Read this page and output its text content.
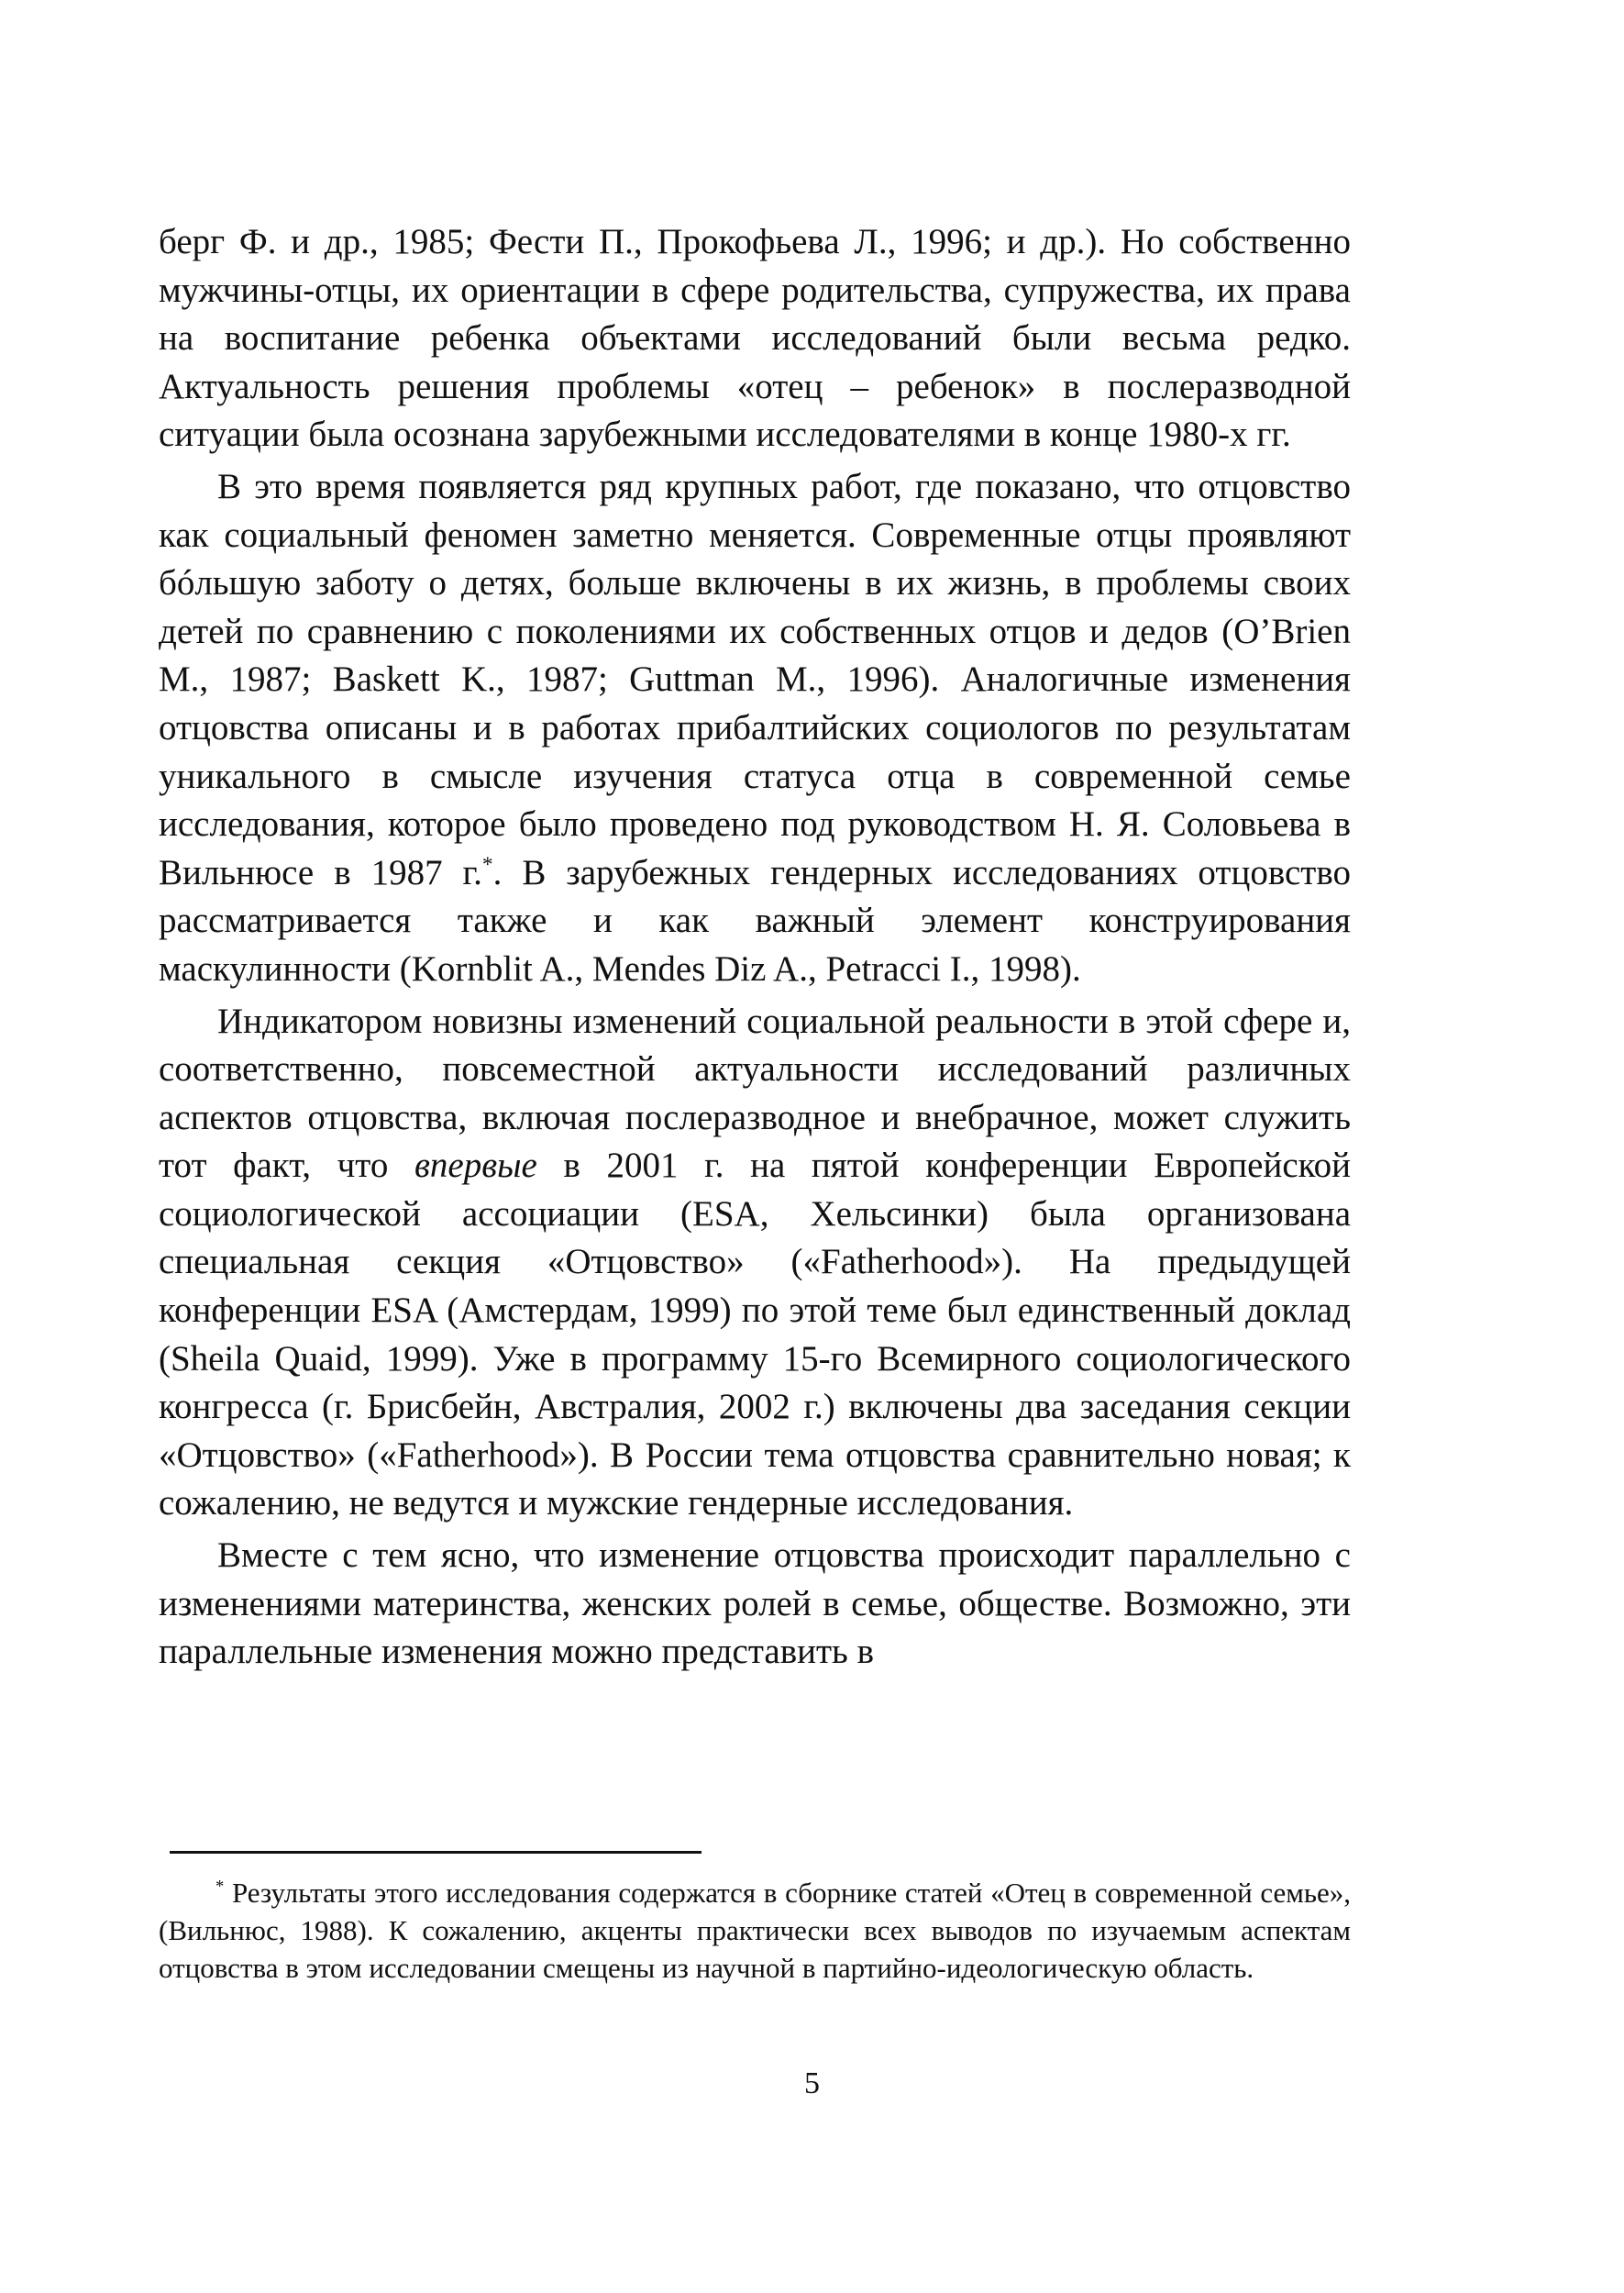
берг Ф. и др., 1985; Фести П., Прокофьева Л., 1996; и др.). Но собственно мужчины-отцы, их ориентации в сфере родительства, супружества, их права на воспитание ребенка объектами исследований были весьма редко. Актуальность решения проблемы «отец – ребенок» в послеразводной ситуации была осознана зарубежными исследователями в конце 1980-х гг.

В это время появляется ряд крупных работ, где показано, что отцовство как социальный феномен заметно меняется. Современные отцы проявляют бóльшую заботу о детях, больше включены в их жизнь, в проблемы своих детей по сравнению с поколениями их собственных отцов и дедов (O’Brien M., 1987; Baskett K., 1987; Guttman M., 1996). Аналогичные изменения отцовства описаны и в работах прибалтийских социологов по результатам уникального в смысле изучения статуса отца в современной семье исследования, которое было проведено под руководством Н. Я. Соловьева в Вильнюсе в 1987 г.*. В зарубежных гендерных исследованиях отцовство рассматривается также и как важный элемент конструирования маскулинности (Kornblit A., Mendes Diz A., Petracci I., 1998).

Индикатором новизны изменений социальной реальности в этой сфере и, соответственно, повсеместной актуальности исследований различных аспектов отцовства, включая послеразводное и внебрачное, может служить тот факт, что впервые в 2001 г. на пятой конференции Европейской социологической ассоциации (ESA, Хельсинки) была организована специальная секция «Отцовство» («Fatherhood»). На предыдущей конференции ESA (Амстердам, 1999) по этой теме был единственный доклад (Sheila Quaid, 1999). Уже в программу 15-го Всемирного социологического конгресса (г. Брисбейн, Австралия, 2002 г.) включены два заседания секции «Отцовство» («Fatherhood»). В России тема отцовства сравнительно новая; к сожалению, не ведутся и мужские гендерные исследования.

Вместе с тем ясно, что изменение отцовства происходит параллельно с изменениями материнства, женских ролей в семье, обществе. Возможно, эти параллельные изменения можно представить в

* Результаты этого исследования содержатся в сборнике статей «Отец в современной семье», (Вильнюс, 1988). К сожалению, акценты практически всех выводов по изучаемым аспектам отцовства в этом исследовании смещены из научной в партийно-идеологическую область.
5
